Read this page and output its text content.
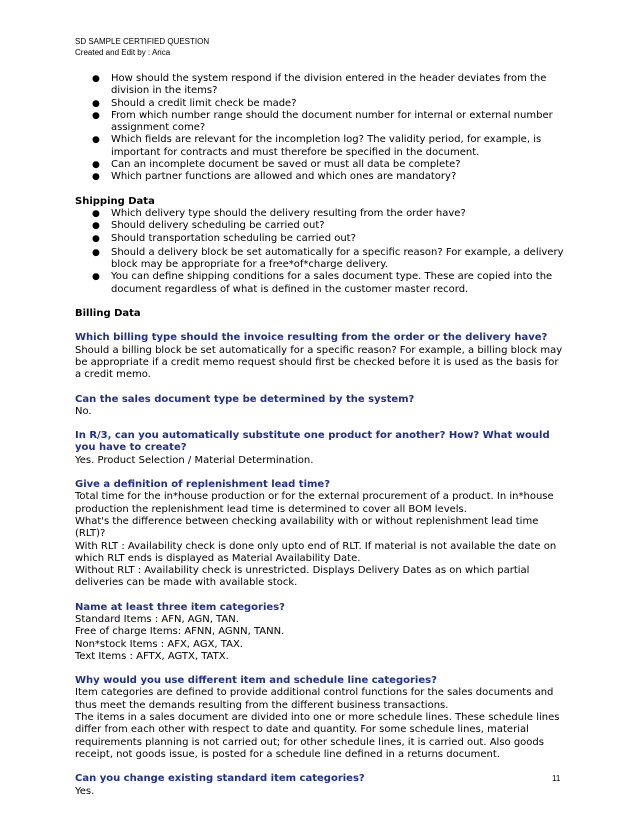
SD SAMPLE CERTIFIED QUESTION
Created and Edit by : Anca
● How should the system respond if the division entered in the header deviates from the division in the items?
● Should a credit limit check be made?
● From which number range should the document number for internal or external number assignment come?
● Which fields are relevant for the incompletion log? The validity period, for example, is important for contracts and must therefore be specified in the document.
● Can an incomplete document be saved or must all data be complete?
● Which partner functions are allowed and which ones are mandatory?
Shipping Data
● Which delivery type should the delivery resulting from the order have?
● Should delivery scheduling be carried out?
● Should transportation scheduling be carried out?
● Should a delivery block be set automatically for a specific reason? For example, a delivery block may be appropriate for a free*of*charge delivery.
● You can define shipping conditions for a sales document type. These are copied into the document regardless of what is defined in the customer master record.
Billing Data
Which billing type should the invoice resulting from the order or the delivery have?
Should a billing block be set automatically for a specific reason? For example, a billing block may be appropriate if a credit memo request should first be checked before it is used as the basis for a credit memo.
Can the sales document type be determined by the system?
No.
In R/3, can you automatically substitute one product for another? How? What would you have to create?
Yes. Product Selection / Material Determination.
Give a definition of replenishment lead time?
Total time for the in*house production or for the external procurement of a product. In in*house production the replenishment lead time is determined to cover all BOM levels.
What's the difference between checking availability with or without replenishment lead time (RLT)?
With RLT : Availability check is done only upto end of RLT. If material is not available the date on which RLT ends is displayed as Material Availability Date.
Without RLT : Availability check is unrestricted. Displays Delivery Dates as on which partial deliveries can be made with available stock.
Name at least three item categories?
Standard Items : AFN, AGN, TAN.
Free of charge Items: AFNN, AGNN, TANN.
Non*stock Items : AFX, AGX, TAX.
Text Items : AFTX, AGTX, TATX.
Why would you use different item and schedule line categories?
Item categories are defined to provide additional control functions for the sales documents and thus meet the demands resulting from the different business transactions.
The items in a sales document are divided into one or more schedule lines. These schedule lines differ from each other with respect to date and quantity. For some schedule lines, material requirements planning is not carried out; for other schedule lines, it is carried out. Also goods receipt, not goods issue, is posted for a schedule line defined in a returns document.
Can you change existing standard item categories?
Yes.
11
